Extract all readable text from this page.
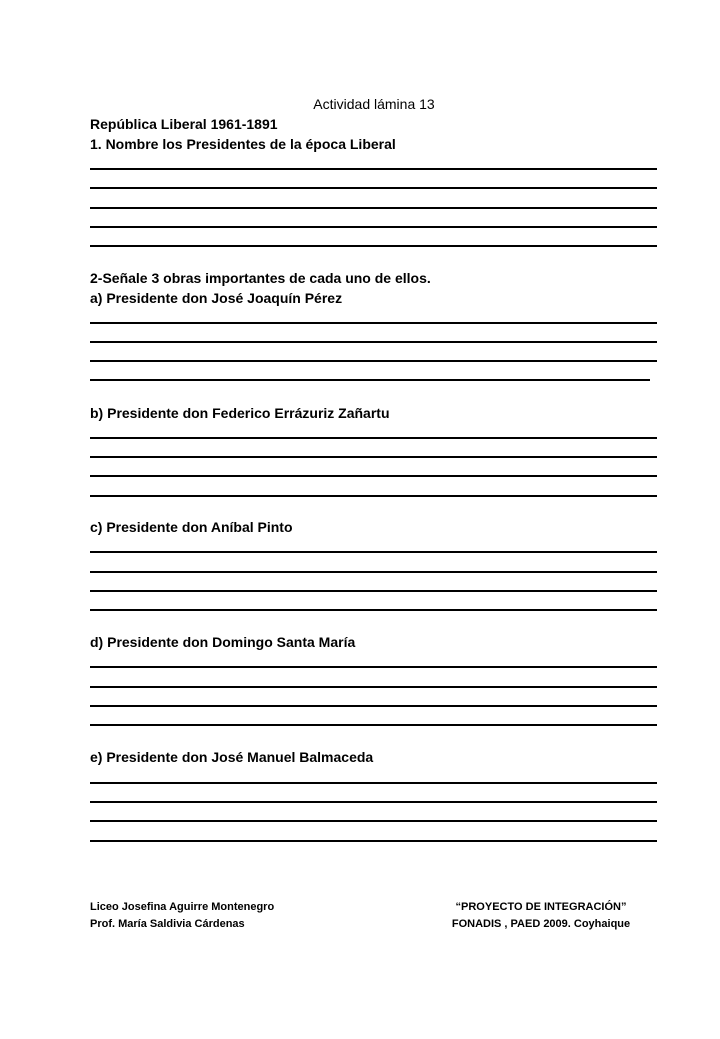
Actividad lámina 13
República Liberal 1961-1891
1. Nombre los Presidentes de la época Liberal
2-Señale 3 obras importantes de cada uno de ellos.
a) Presidente don José Joaquín Pérez
b) Presidente don Federico Errázuriz Zañartu
c) Presidente don Aníbal Pinto
d) Presidente don Domingo Santa María
e) Presidente don José Manuel Balmaceda
Liceo Josefina Aguirre Montenegro
Prof. María Saldivia Cárdenas
“PROYECTO DE INTEGRACIÓN”
FONADIS , PAED 2009. Coyhaique
